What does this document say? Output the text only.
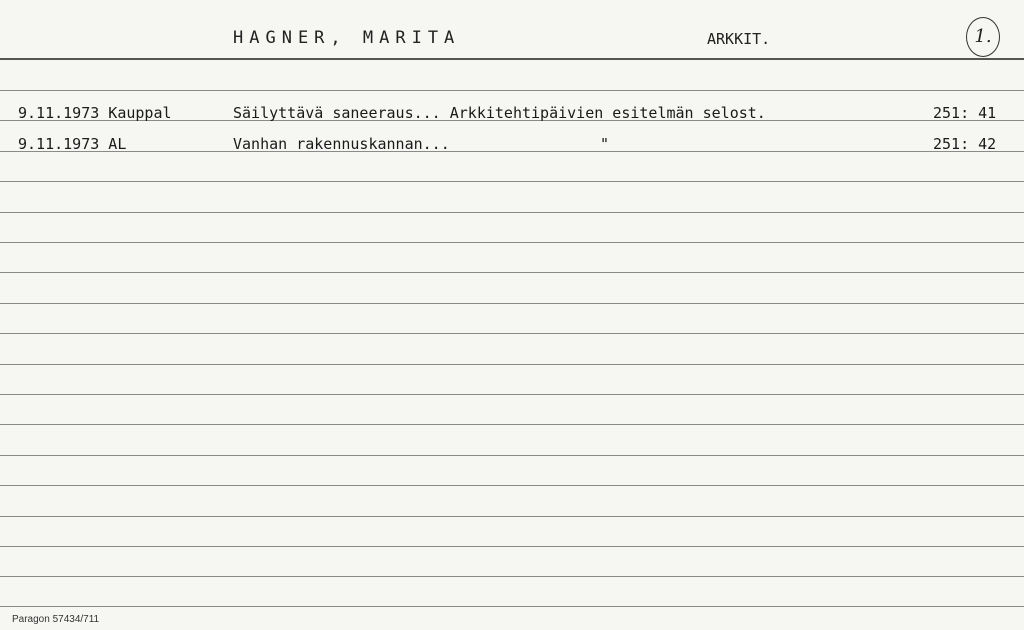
HAGNER, MARITA	ARKKIT.	1.
9.11.1973 Kauppal	Säilyttävä saneeraus... Arkkitehtipäivien esitelmän selost.	251: 41
9.11.1973 AL	Vanhan rakennuskannan...	"	251: 42
Paragon 57434/711
